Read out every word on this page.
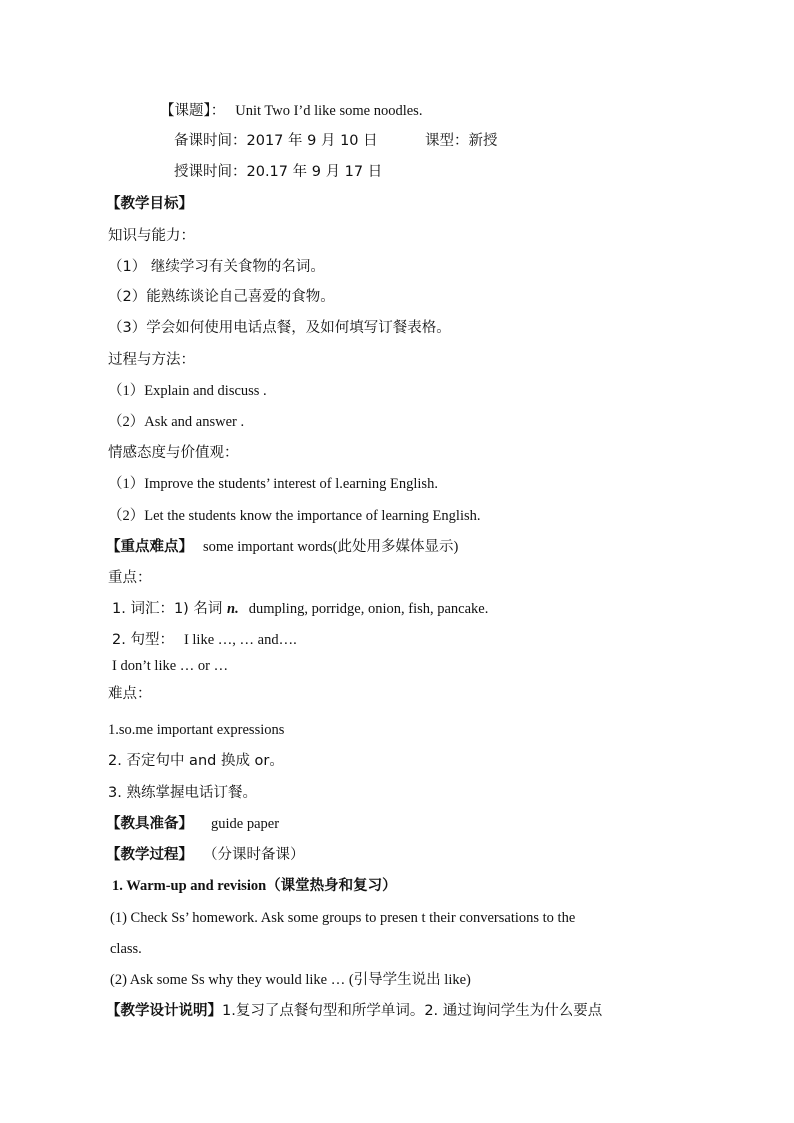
【课题】： Unit Two I’d like some noodles.
备课时间：2017 年 9 月 10 日	课型：新授
授课时间：20.17 年 9 月 17 日
【教学目标】
知识与能力：
（1） 继续学习有关食物的名词。
（2）能熟练谈论自己喜爱的食物。
（3）学会如何使用电话点餐，及如何填写订餐表格。
过程与方法：
（1）Explain and discuss .
（2）Ask and answer .
情感态度与价值观：
（1）Improve the students’ interest of l.earning English.
（2）Let the students know the importance of learning English.
【重点难点】 some important words(此处用多媒体显示)
重点：
1. 词汇：1) 名词 n. dumpling, porridge, onion, fish, pancake.
2. 句型： I like …, … and….
I don’t like … or …
难点：
1.so.me important expressions
2. 否定句中 and 换成 or。
3. 熟练掌握电话订餐。
【教具准备】 guide paper
【教学过程】 （分课时备课）
1. Warm-up and revision（课堂热身和复习）
(1) Check Ss’ homework. Ask some groups to presen t their conversations to the
class.
(2) Ask some Ss why they would like … (引导学生说出 like)
【教学设计说明】1.复习了点餐句型和所学单词。2. 通过询问学生为什么要点
